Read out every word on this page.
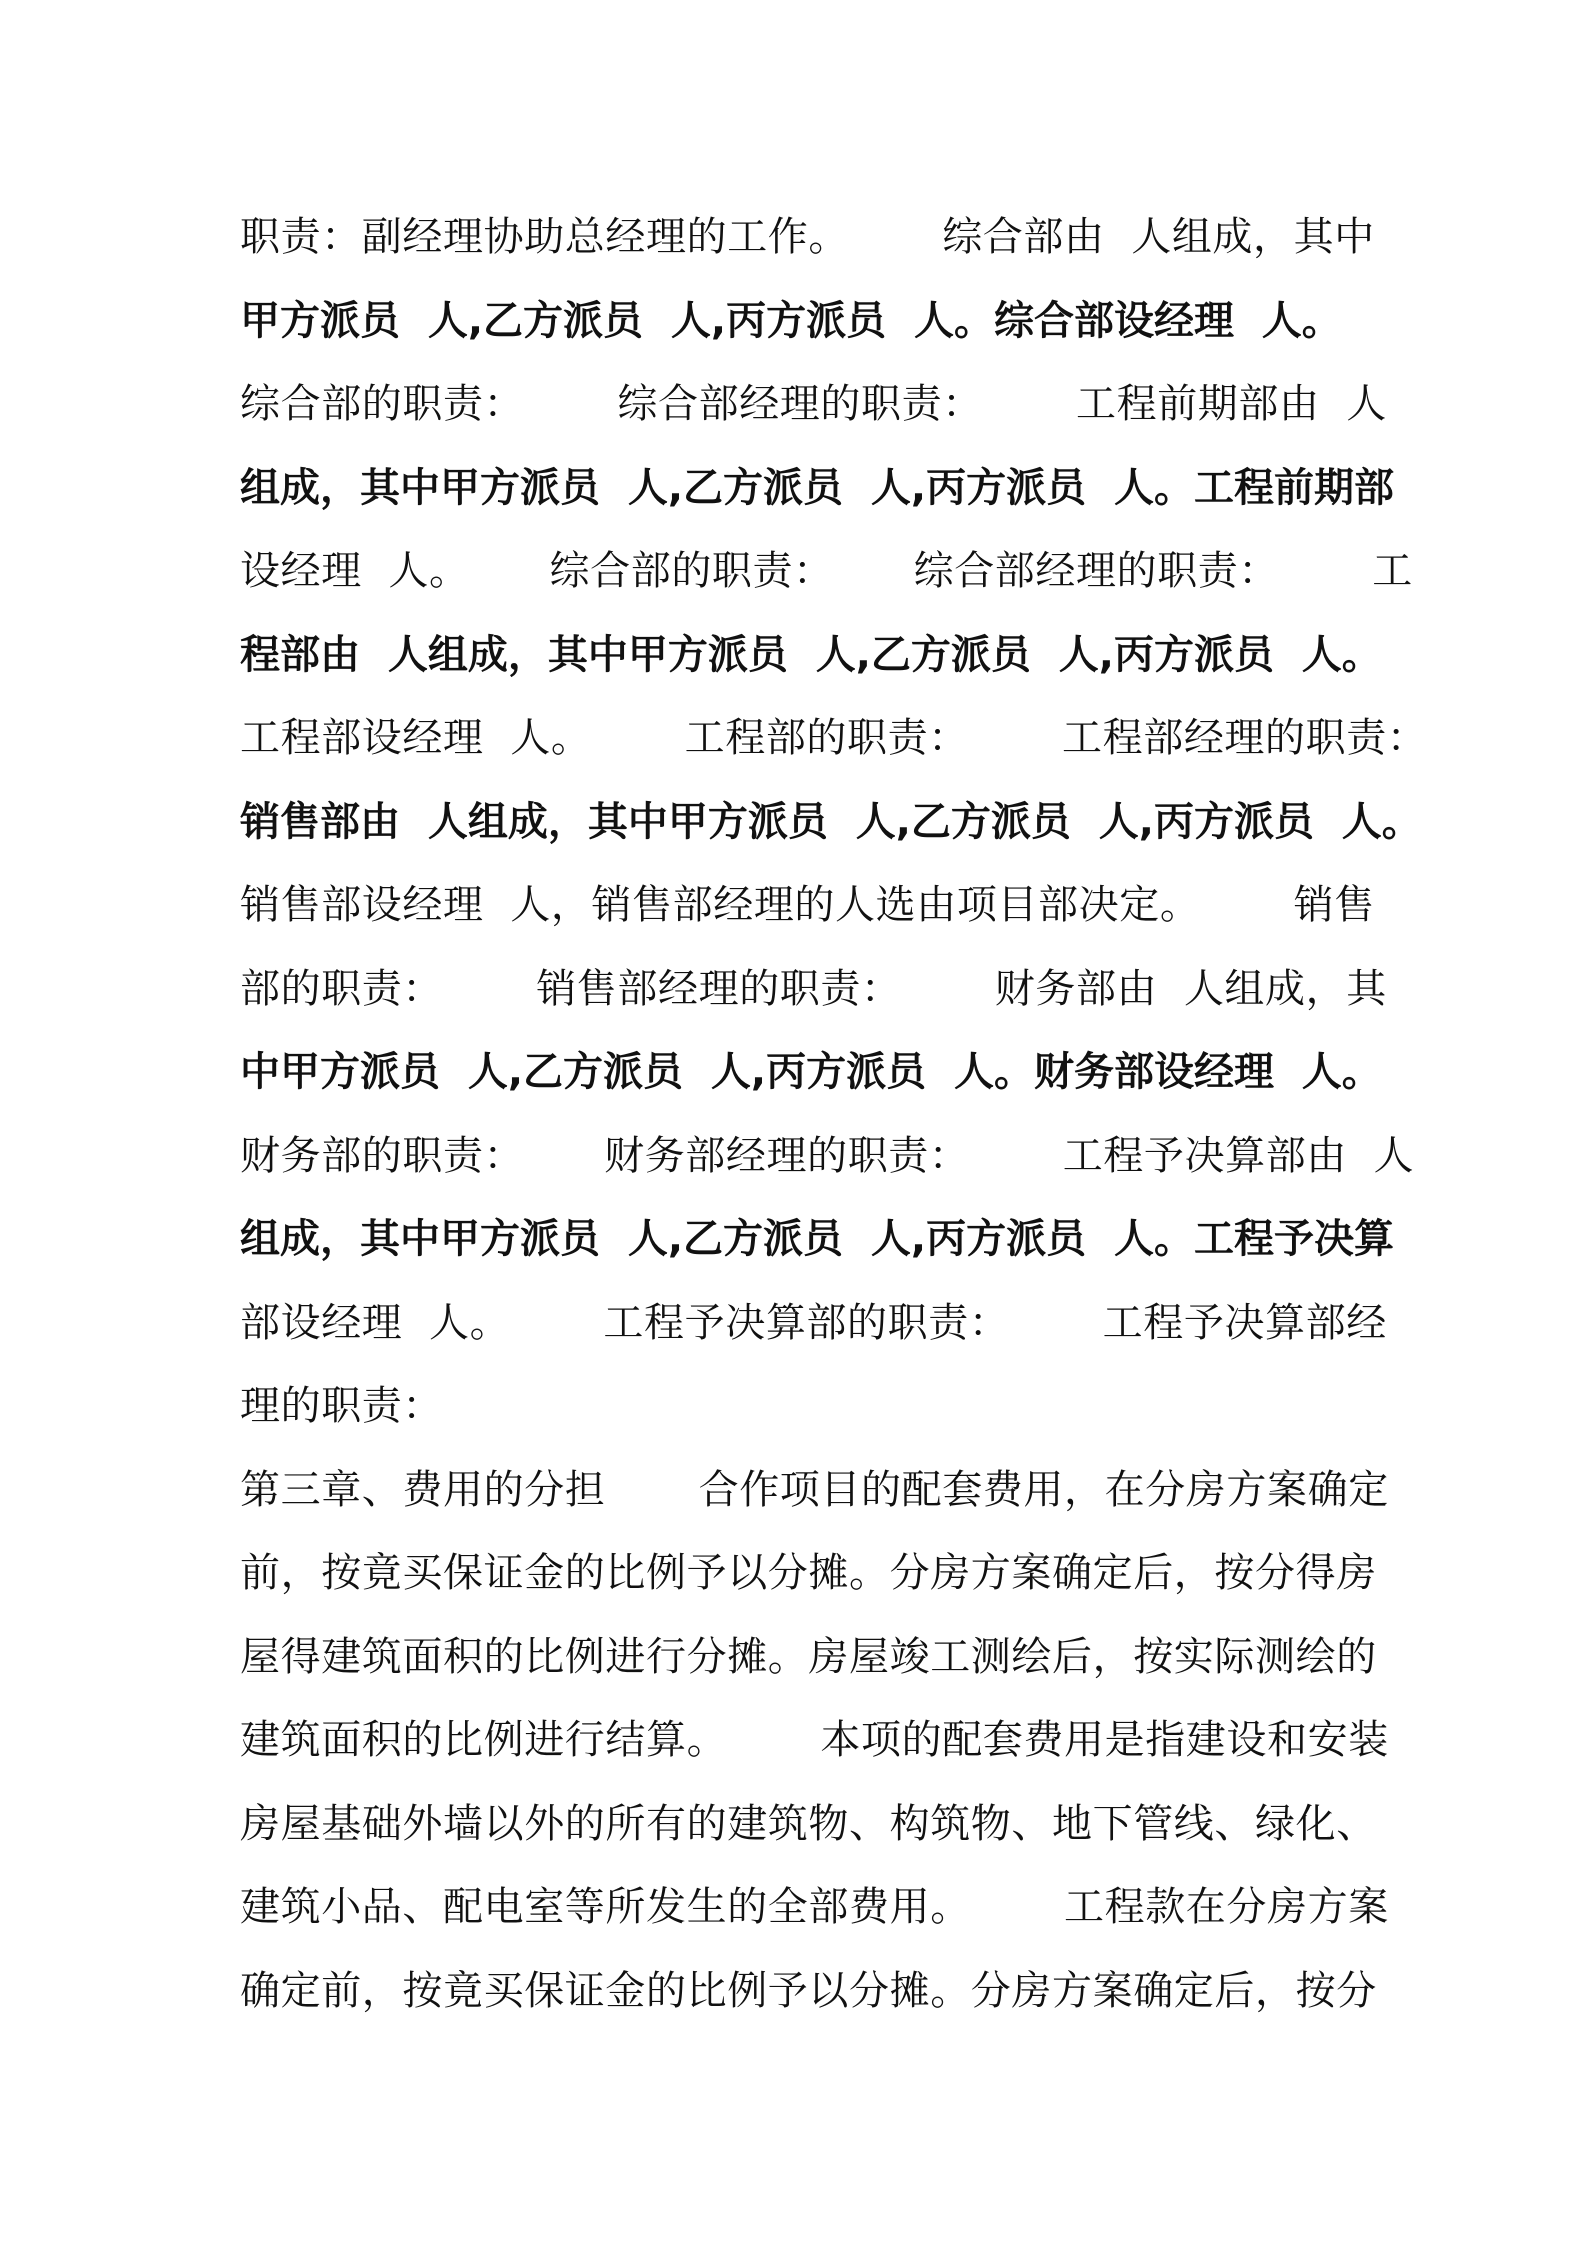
职责：副经理协助总经理的工作。       综合部由  人组成，其中
甲方派员  人,乙方派员  人,丙方派员  人。综合部设经理  人。
综合部的职责：       综合部经理的职责：       工程前期部由  人
组成，其中甲方派员  人,乙方派员  人,丙方派员  人。工程前期部
设经理  人。      综合部的职责：      综合部经理的职责：       工
程部由  人组成，其中甲方派员  人,乙方派员  人,丙方派员  人。
工程部设经理  人。       工程部的职责：       工程部经理的职责：
销售部由  人组成，其中甲方派员  人,乙方派员  人,丙方派员  人。
销售部设经理  人，销售部经理的人选由项目部决定。       销售
部的职责：       销售部经理的职责：       财务部由  人组成，其
中甲方派员  人,乙方派员  人,丙方派员  人。财务部设经理  人。
财务部的职责：      财务部经理的职责：       工程予决算部由  人
组成，其中甲方派员  人,乙方派员  人,丙方派员  人。工程予决算
部设经理  人。       工程予决算部的职责：       工程予决算部经
理的职责：
第三章、费用的分担       合作项目的配套费用，在分房方案确定
前，按竟买保证金的比例予以分摊。分房方案确定后，按分得房
屋得建筑面积的比例进行分摊。房屋竣工测绘后，按实际测绘的
建筑面积的比例进行结算。       本项的配套费用是指建设和安装
房屋基础外墙以外的所有的建筑物、构筑物、地下管线、绿化、
建筑小品、配电室等所发生的全部费用。       工程款在分房方案
确定前，按竟买保证金的比例予以分摊。分房方案确定后，按分
